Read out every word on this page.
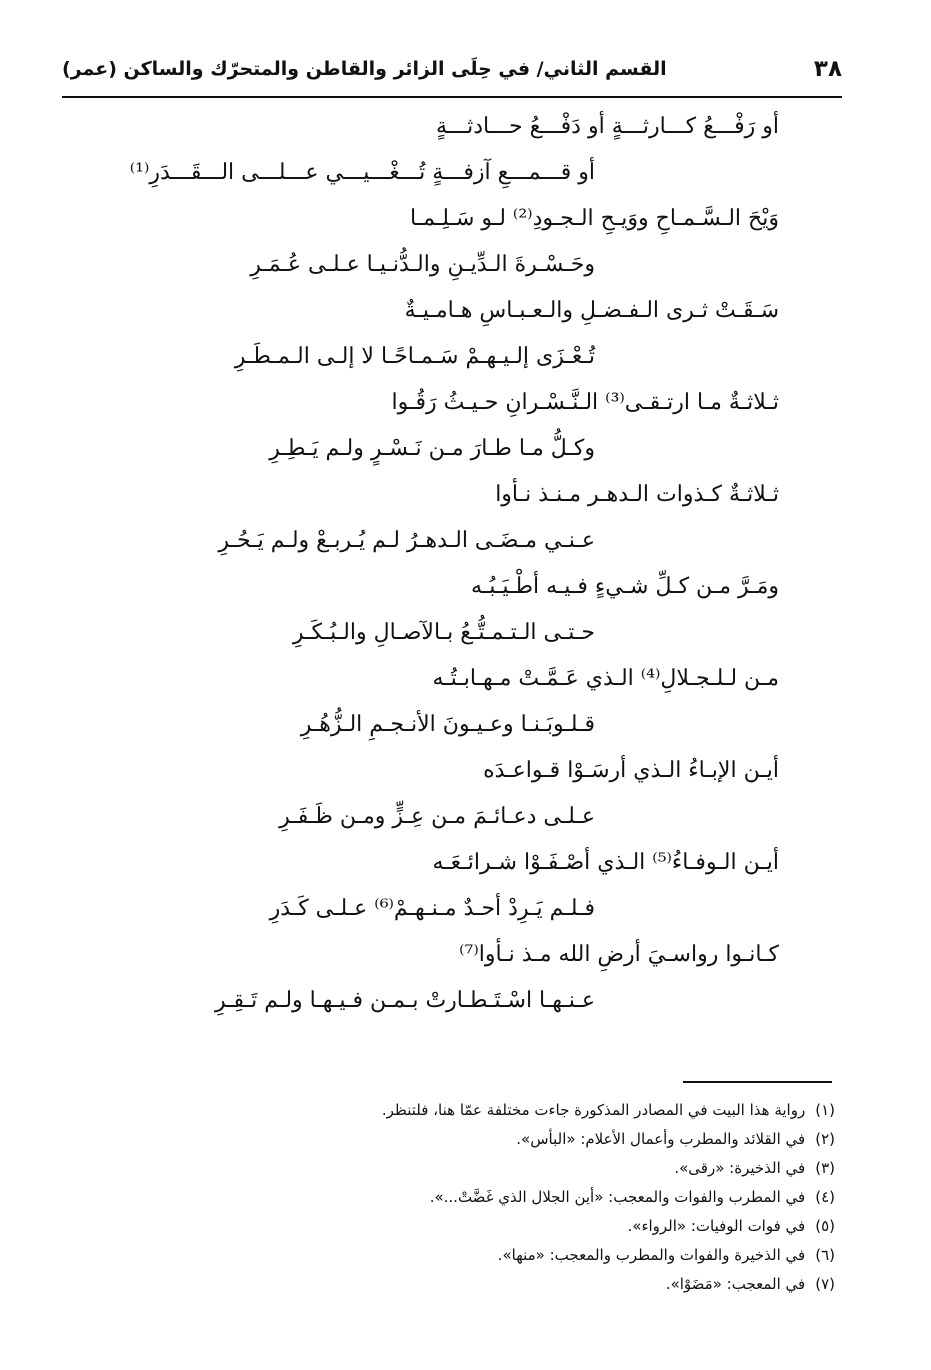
٣٨
القسم الثاني/ في حِلَى الزائر والقاطن والمتحرّك والساكن (عمر)
أو رَفْـــعُ كـــارثـــةٍ أو دَفْـــعُ حـــادثـــةٍ
أو قـــمـــعِ آزفـــةٍ تُـــغْـــيـــي عـــلـــى الـــقَـــدَرِ⁽¹⁾
وَيْحَ الـسَّـمـاحِ ووَيـحِ الـجـودِ⁽²⁾ لـو سَـلِـمـا
وحَـسْـرةَ الـدِّيـنِ والـدُّنـيـا عـلـى عُـمَـرِ
سَـقَـتْ ثـرى الـفـضـلِ والـعـبـاسِ هـامـيـةٌ
تُـعْـزَى إلـيـهـمْ سَـمـاحًـا لا إلـى الـمـطَـرِ
ثـلاثـةٌ مـا ارتـقـى⁽³⁾ الـنَّـسْـرانِ حـيـثُ رَقُـوا
وكـلُّ مـا طـارَ مـن نَـسْـرٍ ولـم يَـطِـرِ
ثـلاثـةٌ كـذوات الـدهـر مـنـذ نـأوا
عـنـي مـضَـى الـدهـرُ لـم يُـربـعْ ولـم يَـحُـرِ
ومَـرَّ مـن كـلِّ شـيءٍ فـيـه أطْـيَـبُـه
حـتـى الـتـمـتُّـعُ بـالآصـالِ والـبُـكَـرِ
مـن لـلـجـلالِ⁽⁴⁾ الـذي عَـمَّـتْ مـهـابـتُـه
قـلـوبَـنـا وعـيـونَ الأنـجـمِ الـزُّهُـرِ
أيـن الإبـاءُ الـذي أرسَـوْا قـواعـدَه
عـلـى دعـائـمَ مـن عِـزٍّ ومـن ظَـفَـرِ
أيـن الـوفـاءُ⁽⁵⁾ الـذي أصْـفَـوْا شـرائـعَـه
فـلـم يَـرِدْ أحـدٌ مـنـهـمْ⁽⁶⁾ عـلـى كَـدَرِ
كـانـوا رواسـيَ أرضِ الله مـذ نـأوا⁽⁷⁾
عـنـهـا اسْـتَـطـارتْ بـمـن فـيـهـا ولـم تَـقِـرِ
(١)رواية هذا البيت في المصادر المذكورة جاءت مختلفة عمّا هنا، فلتنظر.
(٢)في القلائد والمطرب وأعمال الأعلام: «البأس».
(٣)في الذخيرة: «رقى».
(٤)في المطرب والفوات والمعجب: «أين الجلال الذي غَضَّتْ...».
(٥)في فوات الوفيات: «الرواء».
(٦)في الذخيرة والفوات والمطرب والمعجب: «منها».
(٧)في المعجب: «مَضَوْا».
